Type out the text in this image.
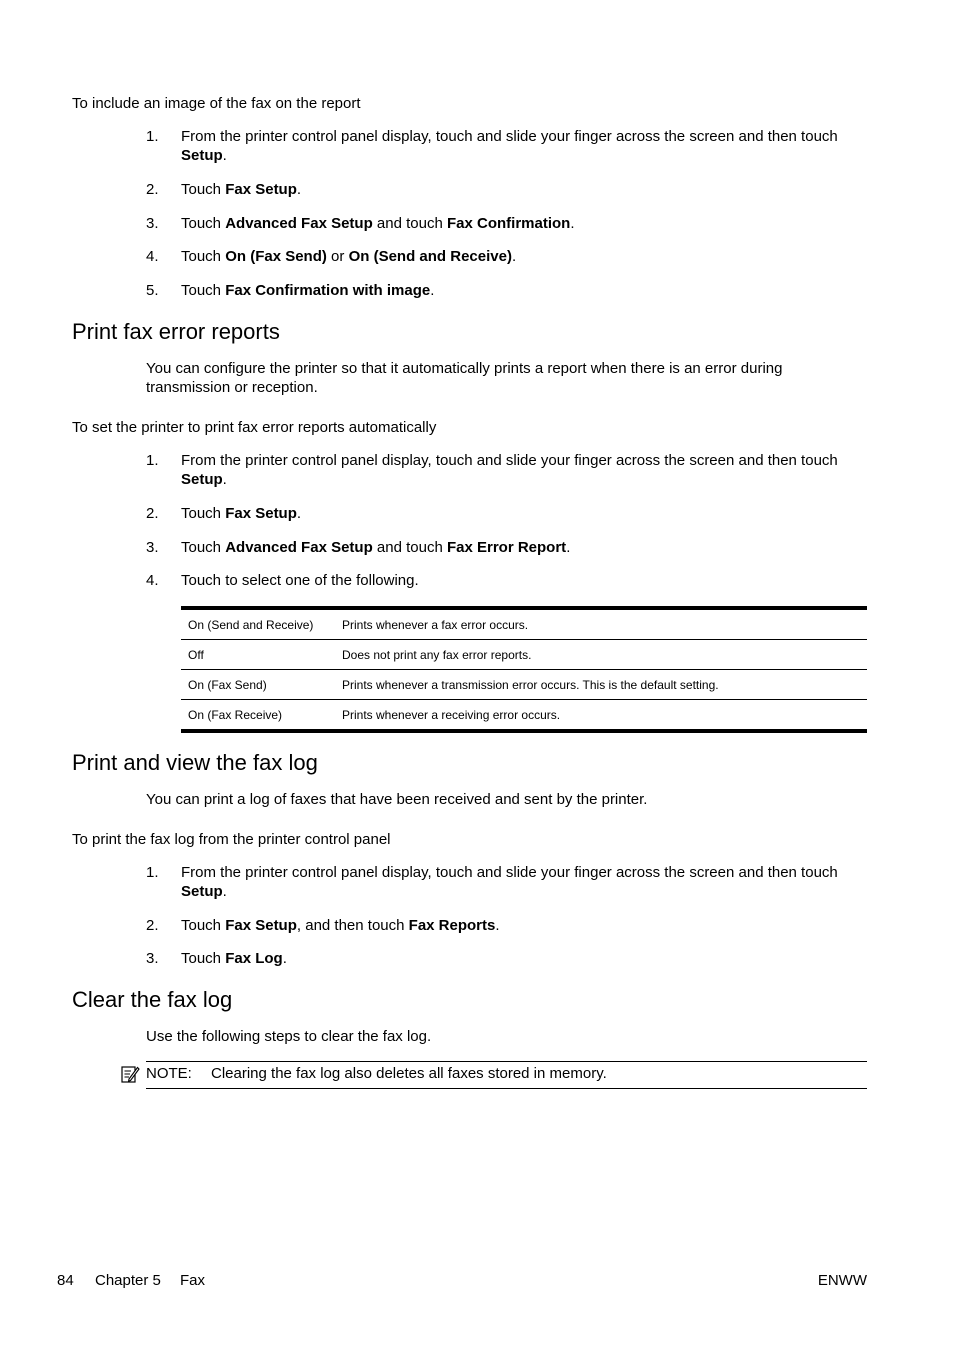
To include an image of the fax on the report
1.	From the printer control panel display, touch and slide your finger across the screen and then touch Setup.
2.	Touch Fax Setup.
3.	Touch Advanced Fax Setup and touch Fax Confirmation.
4.	Touch On (Fax Send) or On (Send and Receive).
5.	Touch Fax Confirmation with image.
Print fax error reports

You can configure the printer so that it automatically prints a report when there is an error during transmission or reception.

To set the printer to print fax error reports automatically
1.	From the printer control panel display, touch and slide your finger across the screen and then touch Setup.
2.	Touch Fax Setup.
3.	Touch Advanced Fax Setup and touch Fax Error Report.
4.	Touch to select one of the following.
On (Send and Receive)	Prints whenever a fax error occurs.
Off	Does not print any fax error reports.
On (Fax Send)	Prints whenever a transmission error occurs. This is the default setting.
On (Fax Receive)	Prints whenever a receiving error occurs.
Print and view the fax log

You can print a log of faxes that have been received and sent by the printer.

To print the fax log from the printer control panel
1.	From the printer control panel display, touch and slide your finger across the screen and then touch Setup.
2.	Touch Fax Setup, and then touch Fax Reports.
3.	Touch Fax Log.
Clear the fax log

Use the following steps to clear the fax log.

NOTE: Clearing the fax log also deletes all faxes stored in memory.
84 Chapter 5 Fax	ENWW
